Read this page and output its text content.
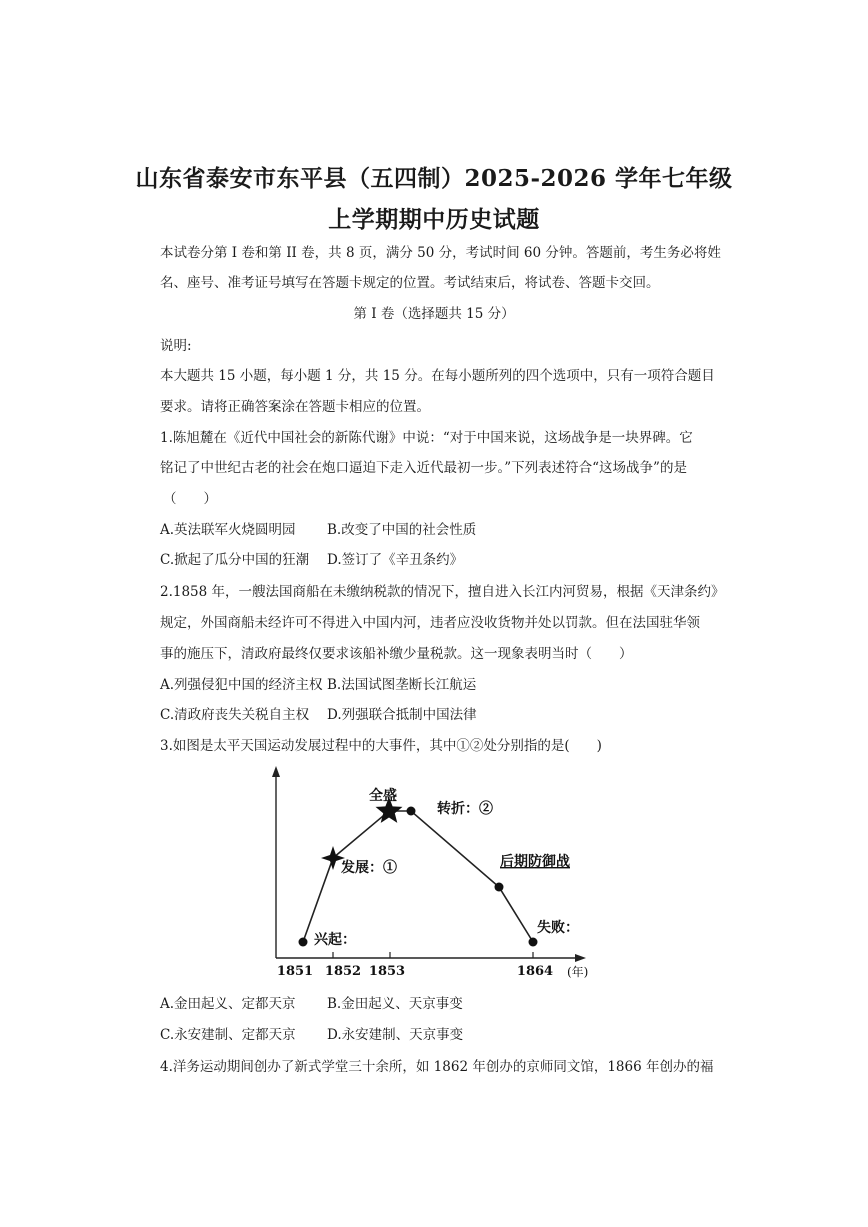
山东省泰安市东平县（五四制）2025-2026 学年七年级
上学期期中历史试题
本试卷分第 I 卷和第 II 卷，共 8 页，满分 50 分，考试时间 60 分钟。答题前，考生务必将姓
名、座号、准考证号填写在答题卡规定的位置。考试结束后，将试卷、答题卡交回。
第 I 卷（选择题共 15 分）
说明:
本大题共 15 小题，每小题 1 分，共 15 分。在每小题所列的四个选项中，只有一项符合题目
要求。请将正确答案涂在答题卡相应的位置。
1.陈旭麓在《近代中国社会的新陈代谢》中说：“对于中国来说，这场战争是一块界碑。它
铭记了中世纪古老的社会在炮口逼迫下走入近代最初一步。”下列表述符合“这场战争”的是
（　　）
A.英法联军火烧圆明园 B.改变了中国的社会性质
C.掀起了瓜分中国的狂潮 D.签订了《辛丑条约》
2.1858 年，一艘法国商船在未缴纳税款的情况下，擅自进入长江内河贸易，根据《天津条约》
规定，外国商船未经许可不得进入中国内河，违者应没收货物并处以罚款。但在法国驻华领
事的施压下，清政府最终仅要求该船补缴少量税款。这一现象表明当时（　　）
A.列强侵犯中国的经济主权 B.法国试图垄断长江航运
C.清政府丧失关税自主权 D.列强联合抵制中国法律
3.如图是太平天国运动发展过程中的大事件，其中①②处分别指的是(　　)
兴起：
发展：①
全盛
转折：②
后期防御战
失败：
1851 1852 1853	1864 (年)
A.金田起义、定都天京 B.金田起义、天京事变
C.永安建制、定都天京 D.永安建制、天京事变
4.洋务运动期间创办了新式学堂三十余所，如 1862 年创办的京师同文馆，1866 年创办的福
